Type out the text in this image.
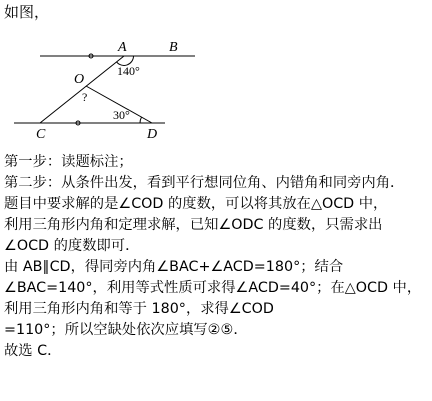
如图，
A	B
O
C	D
?
140°
30°
第一步：读题标注；
第二步：从条件出发，看到平行想同位角、内错角和同旁内角．
题目中要求解的是∠COD 的度数，可以将其放在△OCD 中，
利用三角形内角和定理求解，已知∠ODC 的度数，只需求出
∠OCD 的度数即可．
由 AB∥CD，得同旁内角∠BAC+∠ACD=180°；结合
∠BAC=140°，利用等式性质可求得∠ACD=40°；在△OCD 中，
利用三角形内角和等于 180°，求得∠COD
=110°；所以空缺处依次应填写②⑤．
故选 C．
